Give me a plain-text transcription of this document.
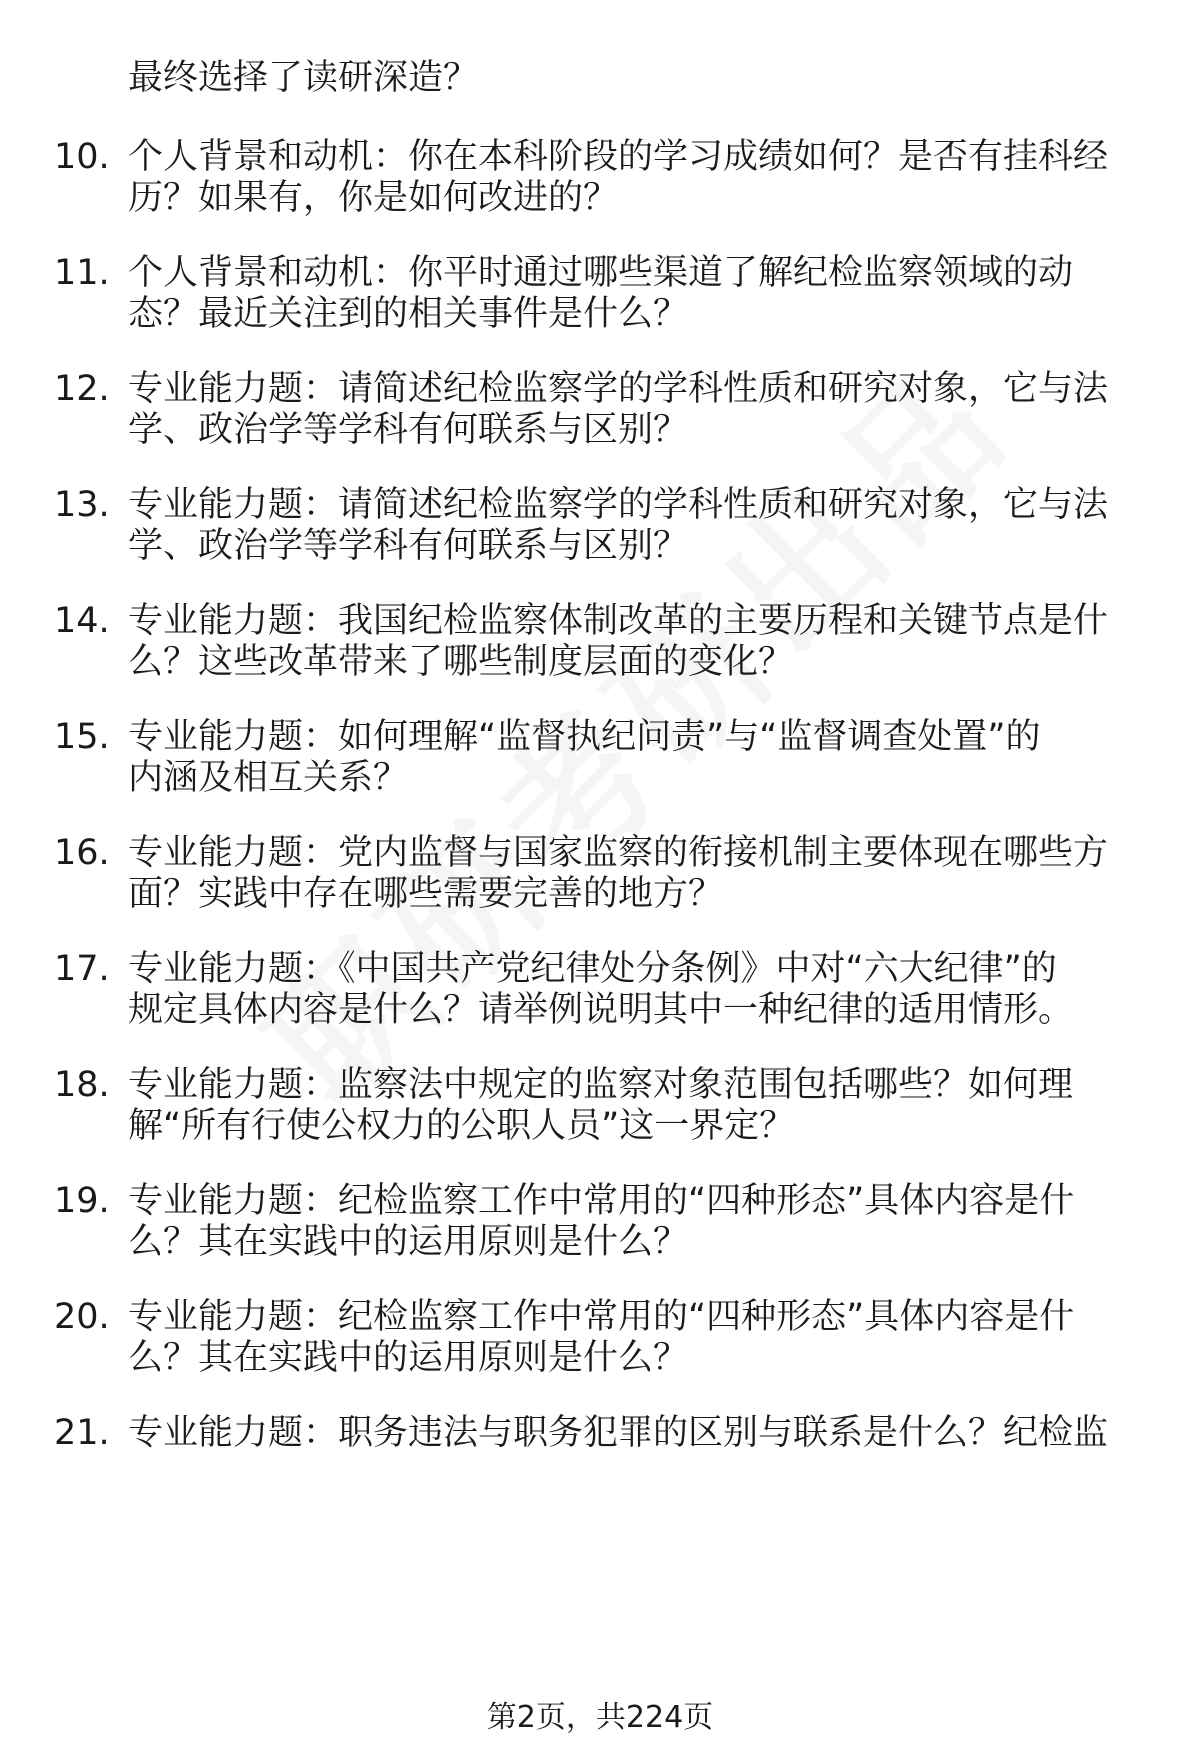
最终选择了读研深造？
10. 个人背景和动机：你在本科阶段的学习成绩如何？是否有挂科经
历？如果有，你是如何改进的？
11. 个人背景和动机：你平时通过哪些渠道了解纪检监察领域的动
态？最近关注到的相关事件是什么？
12. 专业能力题：请简述纪检监察学的学科性质和研究对象，它与法
学、政治学等学科有何联系与区别？
13. 专业能力题：请简述纪检监察学的学科性质和研究对象，它与法
学、政治学等学科有何联系与区别？
14. 专业能力题：我国纪检监察体制改革的主要历程和关键节点是什
么？这些改革带来了哪些制度层面的变化？
15. 专业能力题：如何理解“监督执纪问责”与“监督调查处置”的
内涵及相互关系？
16. 专业能力题：党内监督与国家监察的衔接机制主要体现在哪些方
面？实践中存在哪些需要完善的地方？
17. 专业能力题：《中国共产党纪律处分条例》中对“六大纪律”的
规定具体内容是什么？请举例说明其中一种纪律的适用情形。
18. 专业能力题：监察法中规定的监察对象范围包括哪些？如何理
解“所有行使公权力的公职人员”这一界定？
19. 专业能力题：纪检监察工作中常用的“四种形态”具体内容是什
么？其在实践中的运用原则是什么？
20. 专业能力题：纪检监察工作中常用的“四种形态”具体内容是什
么？其在实践中的运用原则是什么？
21. 专业能力题：职务违法与职务犯罪的区别与联系是什么？纪检监
第2页，共224页
